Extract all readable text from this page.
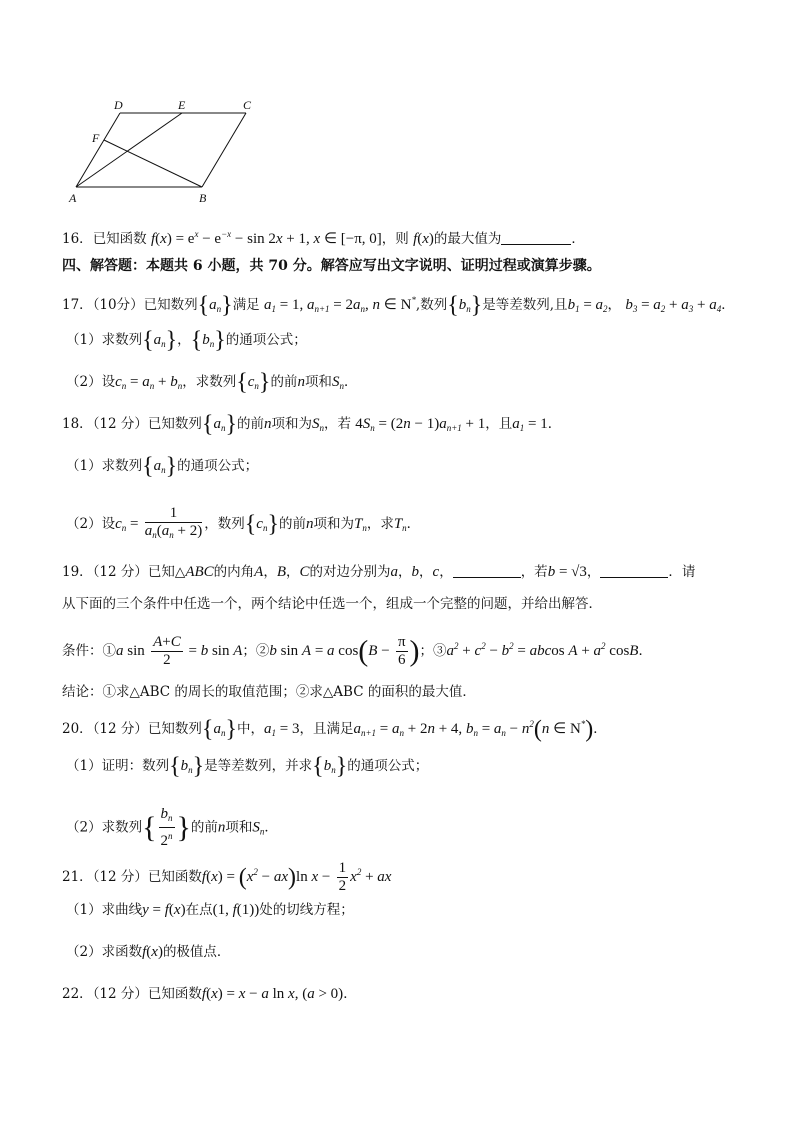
D	E	C
F
A	B
16．已知函数 $f(x) = e^x - e^{-x} - \sin 2x + 1$, x ∈ [−π, 0]，则 f(x)的最大值为	．
四、解答题：本题共 6 小题，共 70 分。解答应写出文字说明、证明过程或演算步骤。
17．（10分）已知数列$\{a_n\}$满足 $a_1 = 1$, $a_{n+1} = 2a_n$, n ∈ N*,数列$\{b_n\}$是等差数列,且$b_1 = a_2$， $b_3 = a_2 + a_3 + a_4$．
（1）求数列$\{a_n\}$，$\{b_n\}$的通项公式；
（2）设$c_n = a_n + b_n$，求数列$\{c_n\}$的前n项和$S_n$．
18．（12 分）已知数列$\{a_n\}$的前n项和为$S_n$，若 $4S_n = (2n - 1)a_{n+1} + 1$，且$a_1 = 1$．
（1）求数列$\{a_n\}$的通项公式；
（2）设$c_n = \frac{1}{a_n(a_n + 2)}$ ，数列$\{c_n\}$的前n项和为$T_n$，求$T_n$．
19．（12 分）已知△ABC的内角A，B，C的对边分别为a，b，c，	，若b = √3，	．请
从下面的三个条件中任选一个，两个结论中任选一个，组成一个完整的问题，并给出解答．
条件：①a $\sin \frac{A+C}{2} = b$ sin A；②b sin A = a $\cos(B - \frac{\pi}{6}$ )；$③a^2 + c^2 - b^2 = abcos$ $A + a^2$ cosB．
结论：①求△ABC 的周长的取值范围；②求△ABC 的面积的最大值．
20．（12 分）已知数列$\{a_n\}$中，$a_1 = 3$，且满足$a_{n+1} = a_n + 2n + 4$, $b_n = a_n - n^2(n$ ∈ N*)．
（1）证明：数列$\{b_n\}$是等差数列，并求$\{b_n\}$的通项公式；
（2）求数列{ $\frac{b_n}{2^n}$ }的前n项和$S_n$．
21．（12 分）已知函数$f(x) = (x^2 - ax)\ln$ $x - \frac{1}{2} x^2$ + ax
（1）求曲线y = f(x)在点(1, f(1))处的切线方程；
（2）求函数f(x)的极值点．
22．（12 分）已知函数f(x) = x − a ln x, (a > 0)．
